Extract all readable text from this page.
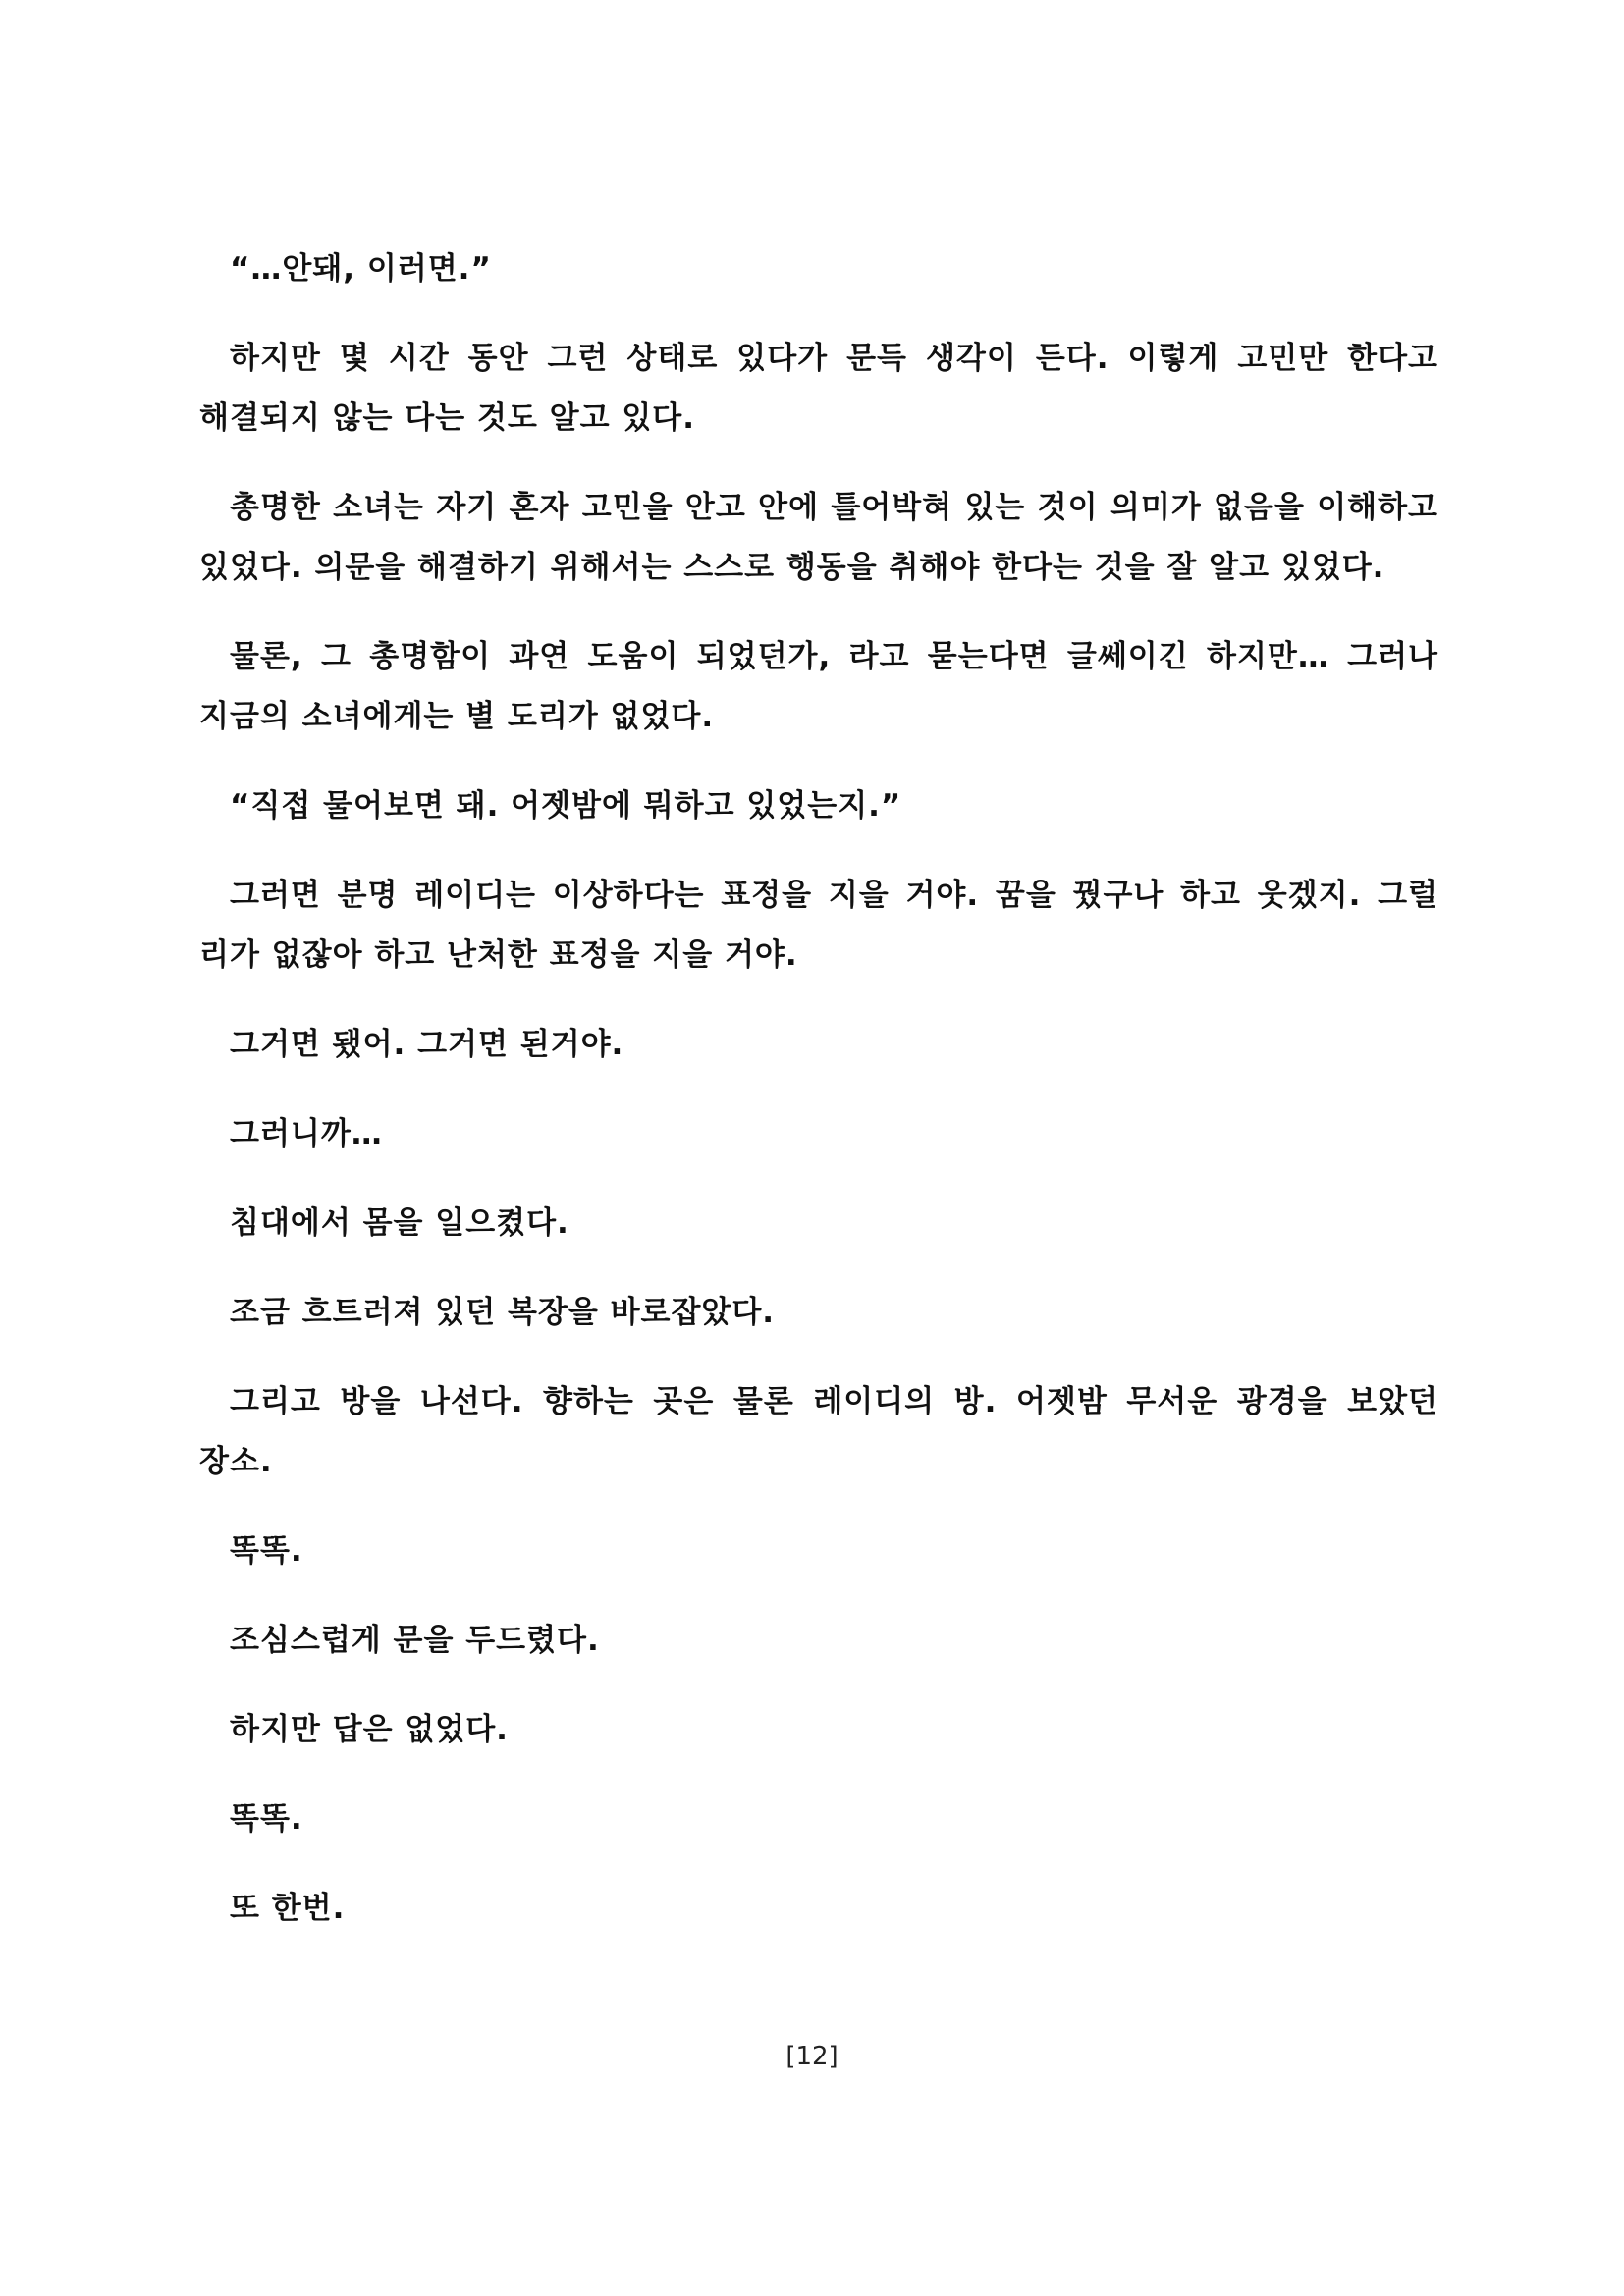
“…안돼, 이러면.”

하지만 몇 시간 동안 그런 상태로 있다가 문득 생각이 든다. 이렇게 고민만 한다고 해결되지 않는 다는 것도 알고 있다.

총명한 소녀는 자기 혼자 고민을 안고 안에 틀어박혀 있는 것이 의미가 없음을 이해하고 있었다. 의문을 해결하기 위해서는 스스로 행동을 취해야 한다는 것을 잘 알고 있었다.

물론, 그 총명함이 과연 도움이 되었던가, 라고 묻는다면 글쎄이긴 하지만… 그러나 지금의 소녀에게는 별 도리가 없었다.

“직접 물어보면 돼. 어젯밤에 뭐하고 있었는지.”

그러면 분명 레이디는 이상하다는 표정을 지을 거야. 꿈을 꿨구나 하고 웃겠지. 그럴 리가 없잖아 하고 난처한 표정을 지을 거야.

그거면 됐어. 그거면 된거야.

그러니까…

침대에서 몸을 일으켰다.

조금 흐트러져 있던 복장을 바로잡았다.

그리고 방을 나선다. 향하는 곳은 물론 레이디의 방. 어젯밤 무서운 광경을 보았던 장소.

똑똑.

조심스럽게 문을 두드렸다.

하지만 답은 없었다.

똑똑.

또 한번.

[12]
